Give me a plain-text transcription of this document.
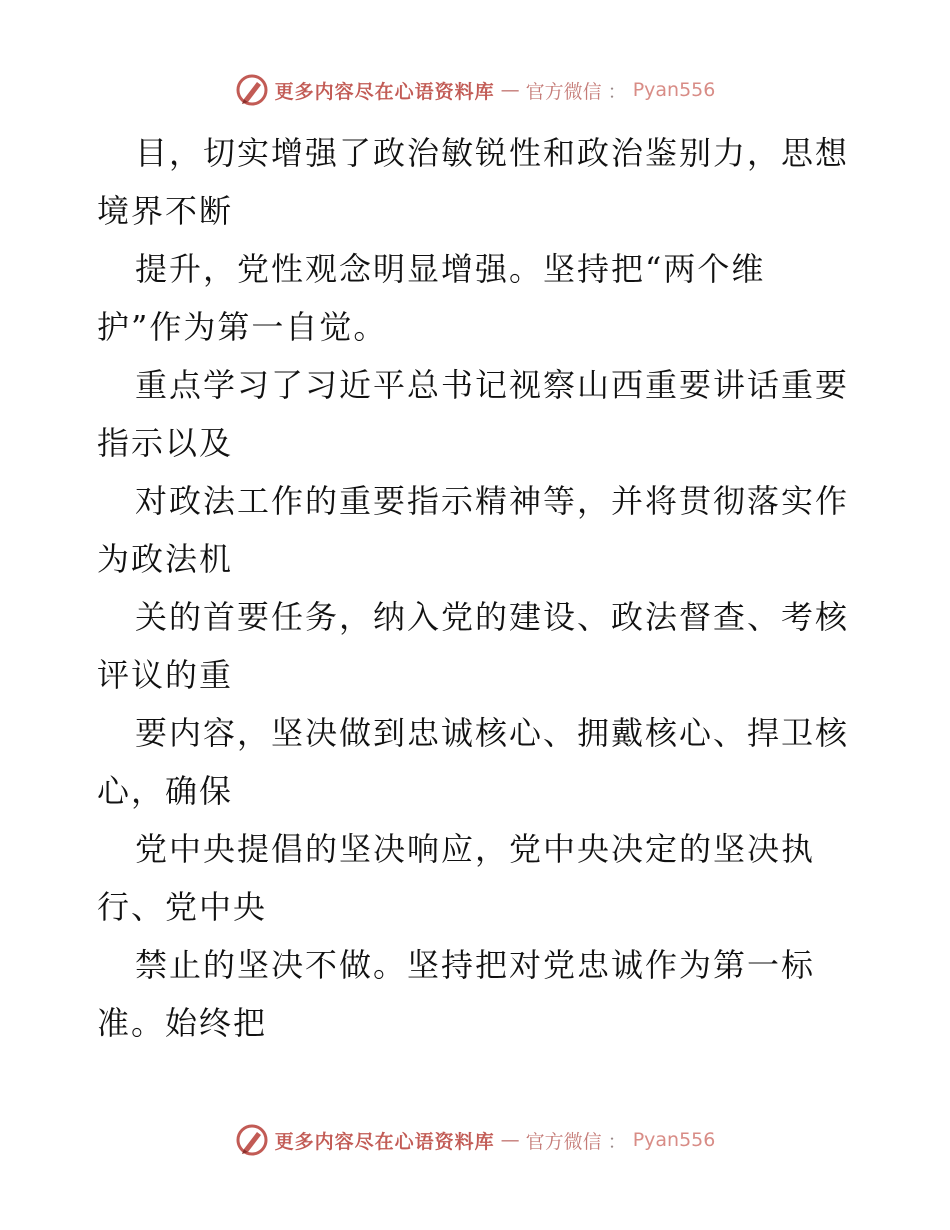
更多内容尽在心语资料库 — 官方微信 ： Pyan556

目，切实增强了政治敏锐性和政治鉴别力，思想
境界不断

提升，党性观念明显增强。坚持把“两个维
护”作为第一自觉。

重点学习了习近平总书记视察山西重要讲话重要
指示以及

对政法工作的重要指示精神等，并将贯彻落实作
为政法机

关的首要任务，纳入党的建设、政法督查、考核
评议的重

要内容，坚决做到忠诚核心、拥戴核心、捍卫核
心，确保

党中央提倡的坚决响应，党中央决定的坚决执
行、党中央

禁止的坚决不做。坚持把对党忠诚作为第一标
准。始终把

更多内容尽在心语资料库 — 官方微信 ： Pyan556
